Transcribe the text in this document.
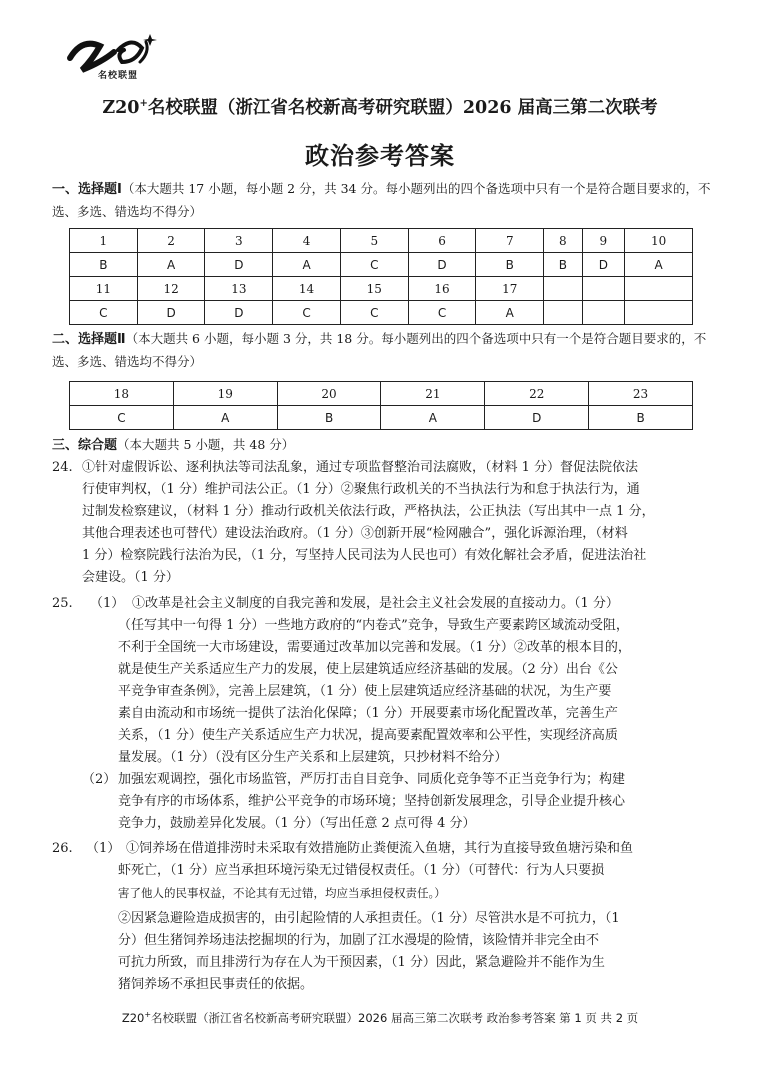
名校联盟
Z20+名校联盟（浙江省名校新高考研究联盟）2026 届高三第二次联考
政治参考答案
一、选择题Ⅰ（本大题共 17 小题，每小题 2 分，共 34 分。每小题列出的四个备选项中只有一个是符合题目要求的，不选、多选、错选均不得分）
1	2	3	4	5	6	7	8	9	10
B	A	D	A	C	D	B	B	D	A
11	12	13	14	15	16	17			
C	D	D	C	C	C	A			
二、选择题Ⅱ（本大题共 6 小题，每小题 3 分，共 18 分。每小题列出的四个备选项中只有一个是符合题目要求的，不选、多选、错选均不得分）
18	19	20	21	22	23
C	A	B	A	D	B
三、综合题（本大题共 5 小题，共 48 分）
24. ①针对虚假诉讼、逐利执法等司法乱象，通过专项监督整治司法腐败，（材料 1 分）督促法院依法
行使审判权，（1 分）维护司法公正。（1 分）②聚焦行政机关的不当执法行为和怠于执法行为，通
过制发检察建议，（材料 1 分）推动行政机关依法行政，严格执法，公正执法（写出其中一点 1 分，
其他合理表述也可替代）建设法治政府。（1 分）③创新开展“检网融合”，强化诉源治理，（材料
1 分）检察院践行法治为民，（1 分，写坚持人民司法为人民也可）有效化解社会矛盾，促进法治社
会建设。（1 分）
25. （1） ①改革是社会主义制度的自我完善和发展，是社会主义社会发展的直接动力。（1 分）
（任写其中一句得 1 分）一些地方政府的“内卷式”竞争，导致生产要素跨区域流动受阻，
不利于全国统一大市场建设，需要通过改革加以完善和发展。（1 分）②改革的根本目的，
就是使生产关系适应生产力的发展，使上层建筑适应经济基础的发展。（2 分）出台《公
平竞争审查条例》，完善上层建筑，（1 分）使上层建筑适应经济基础的状况，为生产要
素自由流动和市场统一提供了法治化保障；（1 分）开展要素市场化配置改革，完善生产
关系，（1 分）使生产关系适应生产力状况，提高要素配置效率和公平性，实现经济高质
量发展。（1 分）（没有区分生产关系和上层建筑，只抄材料不给分）
（2） 加强宏观调控，强化市场监管，严厉打击自目竞争、同质化竞争等不正当竞争行为；构建
竞争有序的市场体系，维护公平竞争的市场环境；坚持创新发展理念，引导企业提升核心
竞争力，鼓励差异化发展。（1 分）（写出任意 2 点可得 4 分）
26. （1） ①饲养场在借道排涝时未采取有效措施防止粪便流入鱼塘，其行为直接导致鱼塘污染和鱼
虾死亡，（1 分）应当承担环境污染无过错侵权责任。（1 分）（可替代：行为人只要损
害了他人的民事权益，不论其有无过错，均应当承担侵权责任。）
②因紧急避险造成损害的，由引起险情的人承担责任。（1 分）尽管洪水是不可抗力，（1
分）但生猪饲养场违法挖掘坝的行为，加剧了江水漫堤的险情，该险情并非完全由不
可抗力所致，而且排涝行为存在人为干预因素，（1 分）因此，紧急避险并不能作为生
猪饲养场不承担民事责任的依据。
Z20+名校联盟（浙江省名校新高考研究联盟）2026 届高三第二次联考 政治参考答案 第 1 页 共 2 页
